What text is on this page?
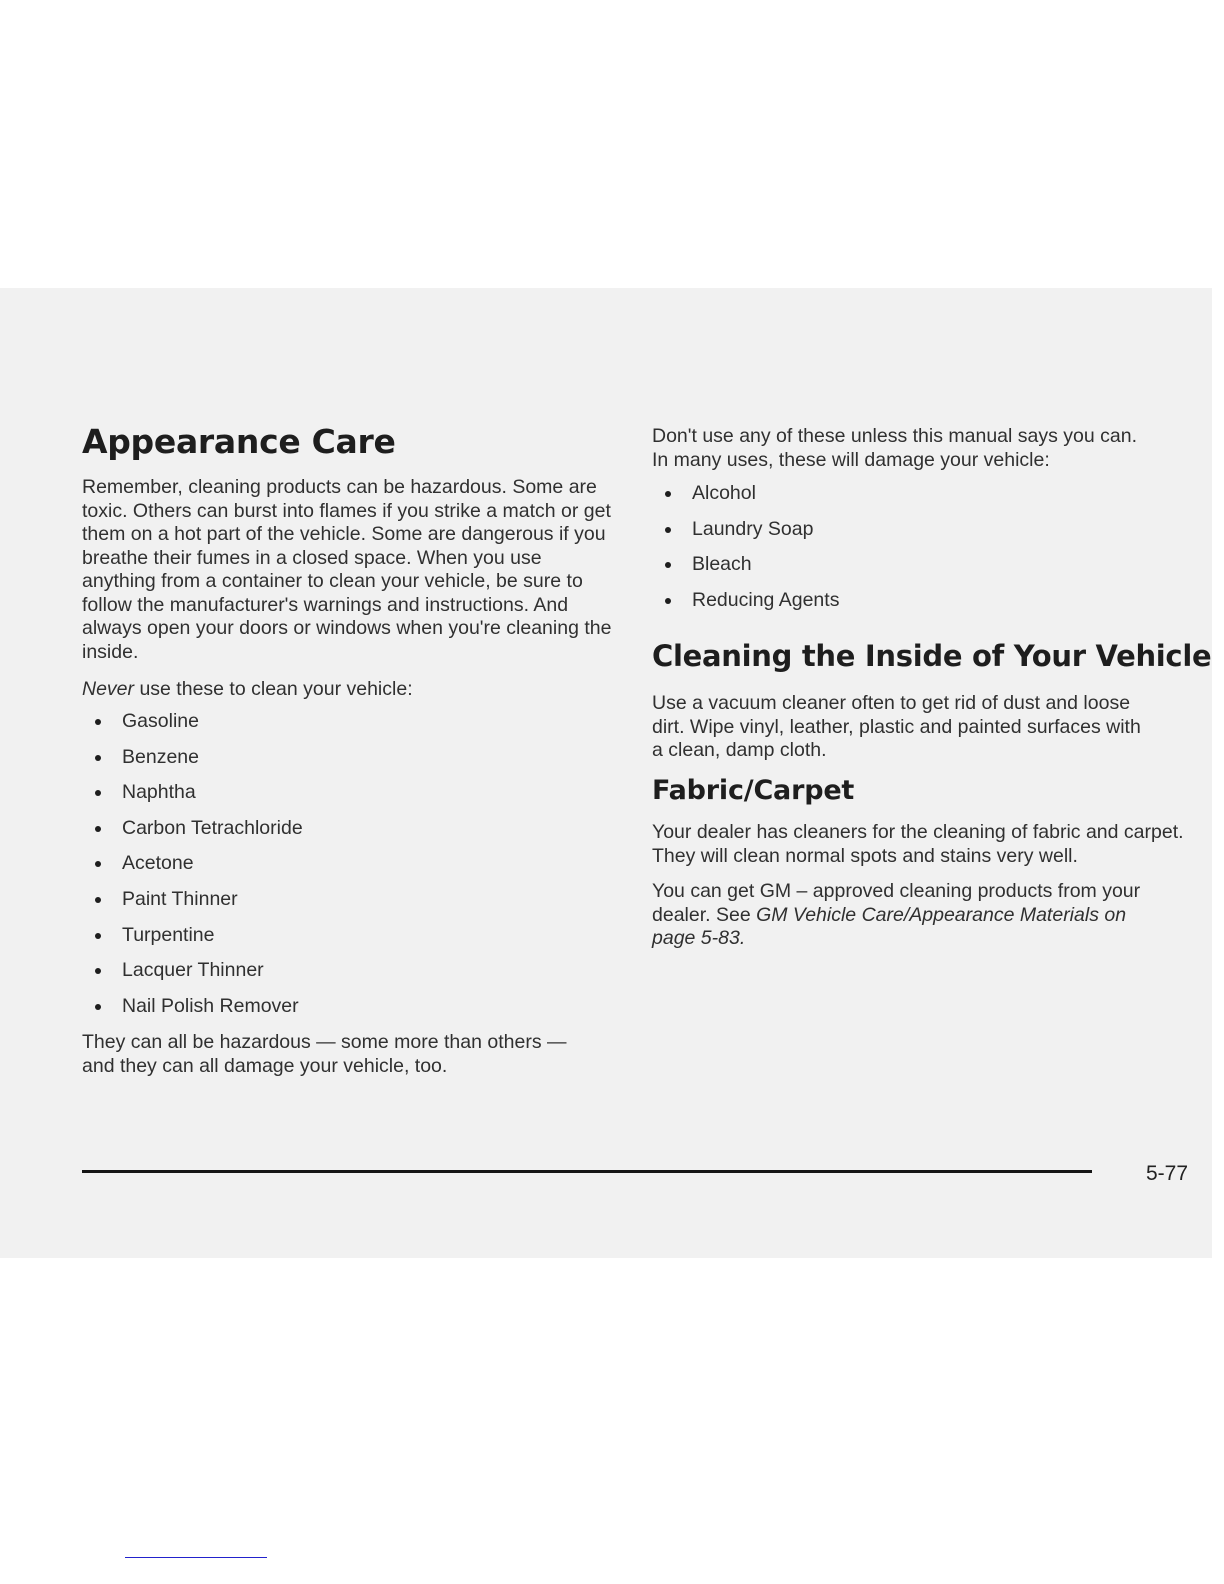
Appearance Care

Remember, cleaning products can be hazardous. Some are toxic. Others can burst into flames if you strike a match or get them on a hot part of the vehicle. Some are dangerous if you breathe their fumes in a closed space. When you use anything from a container to clean your vehicle, be sure to follow the manufacturer's warnings and instructions. And always open your doors or windows when you're cleaning the inside.

Never use these to clean your vehicle:

Gasoline
Benzene
Naphtha
Carbon Tetrachloride
Acetone
Paint Thinner
Turpentine
Lacquer Thinner
Nail Polish Remover

They can all be hazardous — some more than others — and they can all damage your vehicle, too.

Don't use any of these unless this manual says you can. In many uses, these will damage your vehicle:

Alcohol
Laundry Soap
Bleach
Reducing Agents
Cleaning the Inside of Your Vehicle

Use a vacuum cleaner often to get rid of dust and loose dirt. Wipe vinyl, leather, plastic and painted surfaces with a clean, damp cloth.

Fabric/Carpet

Your dealer has cleaners for the cleaning of fabric and carpet. They will clean normal spots and stains very well.

You can get GM – approved cleaning products from your dealer. See GM Vehicle Care/Appearance Materials on page 5-83.

5-77
